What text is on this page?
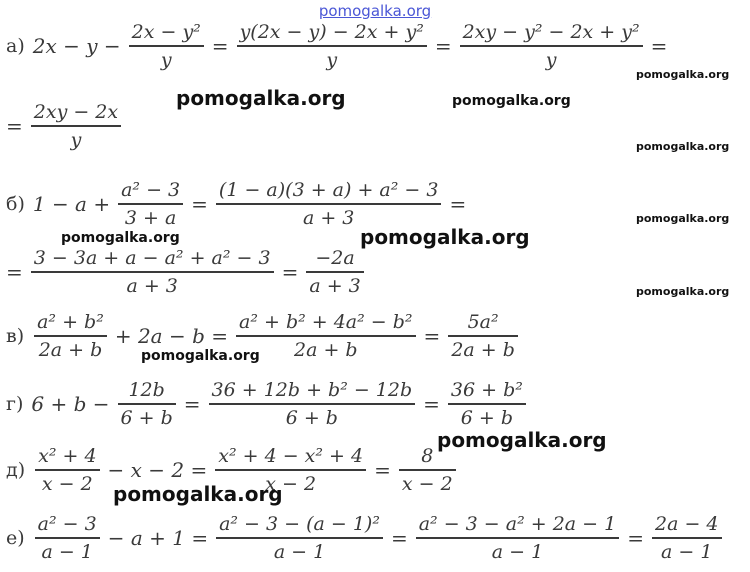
pomogalka.org
а) $2x - y - \frac{\text{2x − y²}}{y} = \frac{\text{y(2x − y) − 2x + y²}}{y} = \frac{\text{2xy − y² − 2x + y²}}{y}$ =
= $\frac{2xy - 2x}{y}$
б) $1 - a + \frac{\text{a² − 3}}{3 + a} = \frac{\text{(1 − a)(3 + a) + a² − 3}}{a + 3}$ =
= $\frac{\text{3 − 3a + a − a² + a² − 3}}{a + 3} = \frac{-2a}{a + 3}$
$в) \frac{\text{a² + b²}}{2a + b} + 2a - b = \frac{\text{a² + b² + 4a² − b²}}{2a + b} = \frac{\text{5a²}}{2a + b}$
г) $6 + b - \frac{12b}{6 + b} = \frac{\text{36 + 12b + b² − 12b}}{6 + b} = \frac{\text{36 + b²}}{6 + b}$
$д) \frac{\text{x² + 4}}{x - 2} - x - 2 = \frac{\text{x² + 4 − x² + 4}}{x - 2} = \frac{8}{x - 2}$
$е) \frac{\text{a² − 3}}{a - 1} - a + 1 = \frac{\text{a² − 3 − (a − 1)²}}{a - 1} = \frac{\text{a² − 3 − a² + 2a − 1}}{a - 1} = \frac{2a - 4}{a - 1}$
pomogalka.org	pomogalka.org
pomogalka.org
pomogalka.org
pomogalka.org
pomogalka.org	pomogalka.org
pomogalka.org
pomogalka.org
pomogalka.org
pomogalka.org
